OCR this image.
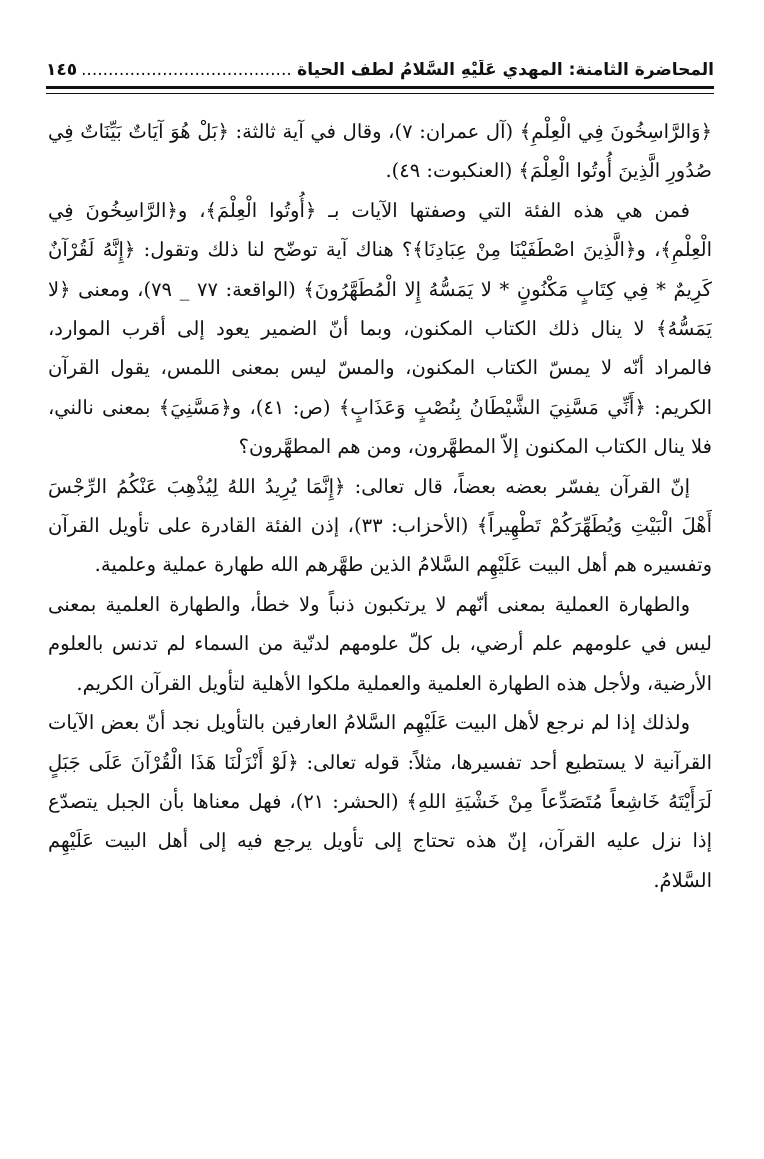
المحاضرة الثامنة: المهدي عَلَيْهِ السَّلامُ لطف الحياة .....
١٤٥

﴿وَالرَّاسِخُونَ فِي الْعِلْمِ﴾ (آل عمران: ٧)، وقال في آية ثالثة: ﴿بَلْ هُوَ آيَاتٌ بَيِّنَاتٌ فِي صُدُورِ الَّذِينَ أُوتُوا الْعِلْمَ﴾ (العنكبوت: ٤٩).

فمن هي هذه الفئة التي وصفتها الآيات بـ ﴿أُوتُوا الْعِلْمَ﴾، و﴿الرَّاسِخُونَ فِي الْعِلْمِ﴾، و﴿الَّذِينَ اصْطَفَيْنَا مِنْ عِبَادِنَا﴾؟ هناك آية توضّح لنا ذلك وتقول: ﴿إِنَّهُ لَقُرْآنٌ كَرِيمٌ * فِي كِتَابٍ مَكْنُونٍ * لا يَمَسُّهُ إِلا الْمُطَهَّرُونَ﴾ (الواقعة: ٧٧ _ ٧٩)، ومعنى ﴿لا يَمَسُّهُ﴾ لا ينال ذلك الكتاب المكنون، وبما أنّ الضمير يعود إلى أقرب الموارد، فالمراد أنّه لا يمسّ الكتاب المكنون، والمسّ ليس بمعنى اللمس، يقول القرآن الكريم: ﴿أَنِّي مَسَّنِيَ الشَّيْطَانُ بِنُصْبٍ وَعَذَابٍ﴾ (ص: ٤١)، و﴿مَسَّنِيَ﴾ بمعنى نالني، فلا ينال الكتاب المكنون إلاّ المطهَّرون، ومن هم المطهَّرون؟

إنّ القرآن يفسّر بعضه بعضاً، قال تعالى: ﴿إِنَّمَا يُرِيدُ اللهُ لِيُذْهِبَ عَنْكُمُ الرِّجْسَ أَهْلَ الْبَيْتِ وَيُطَهِّرَكُمْ تَطْهِيراً﴾ (الأحزاب: ٣٣)، إذن الفئة القادرة على تأويل القرآن وتفسيره هم أهل البيت عَلَيْهِم السَّلامُ الذين طهَّرهم الله طهارة عملية وعلمية.

والطهارة العملية بمعنى أنّهم لا يرتكبون ذنباً ولا خطأ، والطهارة العلمية بمعنى ليس في علومهم علم أرضي، بل كلّ علومهم لدنّية من السماء لم تدنس بالعلوم الأرضية، ولأجل هذه الطهارة العلمية والعملية ملكوا الأهلية لتأويل القرآن الكريم.

ولذلك إذا لم نرجع لأهل البيت عَلَيْهِم السَّلامُ العارفين بالتأويل نجد أنّ بعض الآيات القرآنية لا يستطيع أحد تفسيرها، مثلاً: قوله تعالى: ﴿لَوْ أَنْزَلْنَا هَذَا الْقُرْآنَ عَلَى جَبَلٍ لَرَأَيْتَهُ خَاشِعاً مُتَصَدِّعاً مِنْ خَشْيَةِ اللهِ﴾ (الحشر: ٢١)، فهل معناها بأن الجبل يتصدّع إذا نزل عليه القرآن، إنّ هذه تحتاج إلى تأويل يرجع فيه إلى أهل البيت عَلَيْهِم السَّلامُ.
